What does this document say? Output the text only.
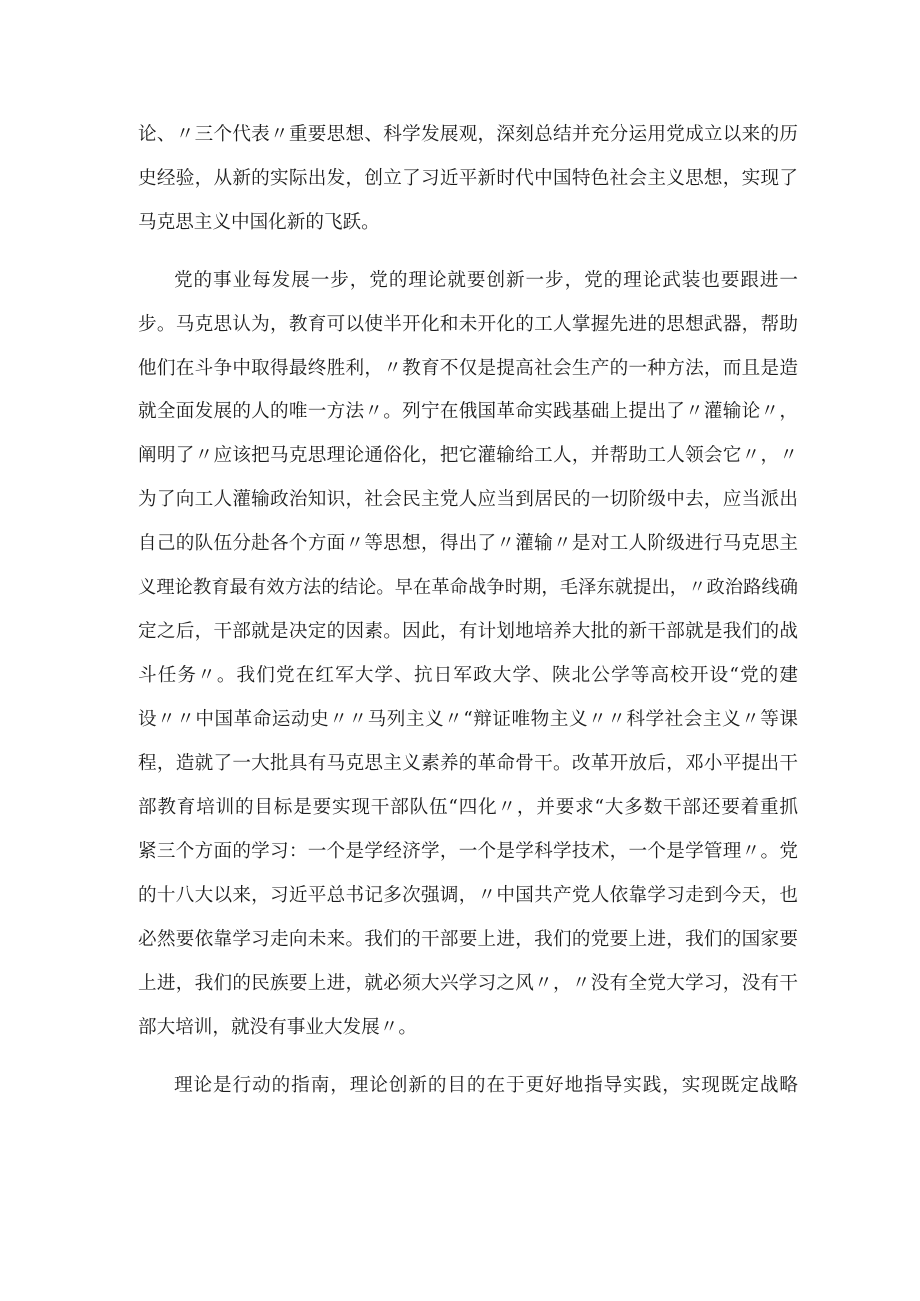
论、〃三个代表〃重要思想、科学发展观，深刻总结并充分运用党成立以来的历
史经验，从新的实际出发，创立了习近平新时代中国特色社会主义思想，实现了
马克思主义中国化新的飞跃。
党的事业每发展一步，党的理论就要创新一步，党的理论武装也要跟进一
步。马克思认为，教育可以使半开化和未开化的工人掌握先进的思想武器，帮助
他们在斗争中取得最终胜利，〃教育不仅是提高社会生产的一种方法，而且是造
就全面发展的人的唯一方法〃。列宁在俄国革命实践基础上提出了〃灌输论〃，
阐明了〃应该把马克思理论通俗化，把它灌输给工人，并帮助工人领会它〃，〃
为了向工人灌输政治知识，社会民主党人应当到居民的一切阶级中去，应当派出
自己的队伍分赴各个方面〃等思想，得出了〃灌输〃是对工人阶级进行马克思主
义理论教育最有效方法的结论。早在革命战争时期，毛泽东就提出，〃政治路线确
定之后，干部就是决定的因素。因此，有计划地培养大批的新干部就是我们的战
斗任务〃。我们党在红军大学、抗日军政大学、陕北公学等高校开设“党的建
设〃〃中国革命运动史〃〃马列主义〃“辩证唯物主义〃〃科学社会主义〃等课
程，造就了一大批具有马克思主义素养的革命骨干。改革开放后，邓小平提出干
部教育培训的目标是要实现干部队伍“四化〃，并要求“大多数干部还要着重抓
紧三个方面的学习：一个是学经济学，一个是学科学技术，一个是学管理〃。党
的十八大以来，习近平总书记多次强调，〃中国共产党人依靠学习走到今天，也
必然要依靠学习走向未来。我们的干部要上进，我们的党要上进，我们的国家要
上进，我们的民族要上进，就必须大兴学习之风〃，〃没有全党大学习，没有干
部大培训，就没有事业大发展〃。
理论是行动的指南，理论创新的目的在于更好地指导实践，实现既定战略
